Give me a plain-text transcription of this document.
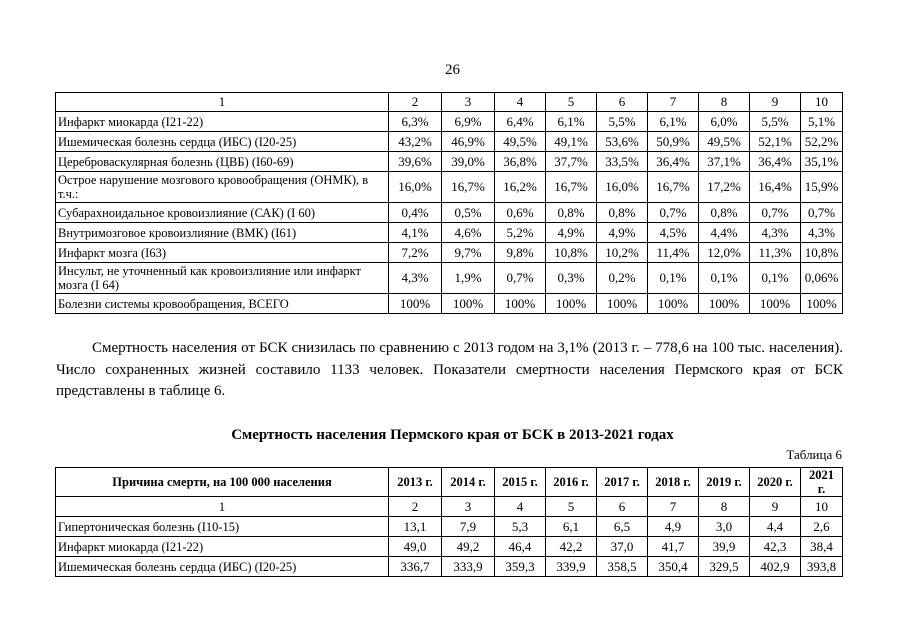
26
1	2	3	4	5	6	7	8	9	10
Инфаркт миокарда (I21-22)	6,3%	6,9%	6,4%	6,1%	5,5%	6,1%	6,0%	5,5%	5,1%
Ишемическая болезнь сердца (ИБС) (I20-25)	43,2%	46,9%	49,5%	49,1%	53,6%	50,9%	49,5%	52,1%	52,2%
Цереброваскулярная болезнь (ЦВБ) (I60-69)	39,6%	39,0%	36,8%	37,7%	33,5%	36,4%	37,1%	36,4%	35,1%
Острое нарушение мозгового кровообращения (ОНМК), в т.ч.:	16,0%	16,7%	16,2%	16,7%	16,0%	16,7%	17,2%	16,4%	15,9%
Субарахноидальное кровоизлияние (САК) (I 60)	0,4%	0,5%	0,6%	0,8%	0,8%	0,7%	0,8%	0,7%	0,7%
Внутримозговое кровоизлияние (ВМК) (I61)	4,1%	4,6%	5,2%	4,9%	4,9%	4,5%	4,4%	4,3%	4,3%
Инфаркт мозга (I63)	7,2%	9,7%	9,8%	10,8%	10,2%	11,4%	12,0%	11,3%	10,8%
Инсульт, не уточненный как кровоизлияние или инфаркт мозга (I 64)	4,3%	1,9%	0,7%	0,3%	0,2%	0,1%	0,1%	0,1%	0,06%
Болезни системы кровообращения, ВСЕГО	100%	100%	100%	100%	100%	100%	100%	100%	100%

Смертность населения от БСК снизилась по сравнению с 2013 годом на 3,1% (2013 г. – 778,6 на 100 тыс. населения). Число сохраненных жизней составило 1133 человек. Показатели смертности населения Пермского края от БСК представлены в таблице 6.

Смертность населения Пермского края от БСК в 2013-2021 годах
Таблица 6
Причина смерти, на 100 000 населения	2013 г.	2014 г.	2015 г.	2016 г.	2017 г.	2018 г.	2019 г.	2020 г.	2021 г.
1	2	3	4	5	6	7	8	9	10
Гипертоническая болезнь (I10-15)	13,1	7,9	5,3	6,1	6,5	4,9	3,0	4,4	2,6
Инфаркт миокарда (I21-22)	49,0	49,2	46,4	42,2	37,0	41,7	39,9	42,3	38,4
Ишемическая болезнь сердца (ИБС) (I20-25)	336,7	333,9	359,3	339,9	358,5	350,4	329,5	402,9	393,8
